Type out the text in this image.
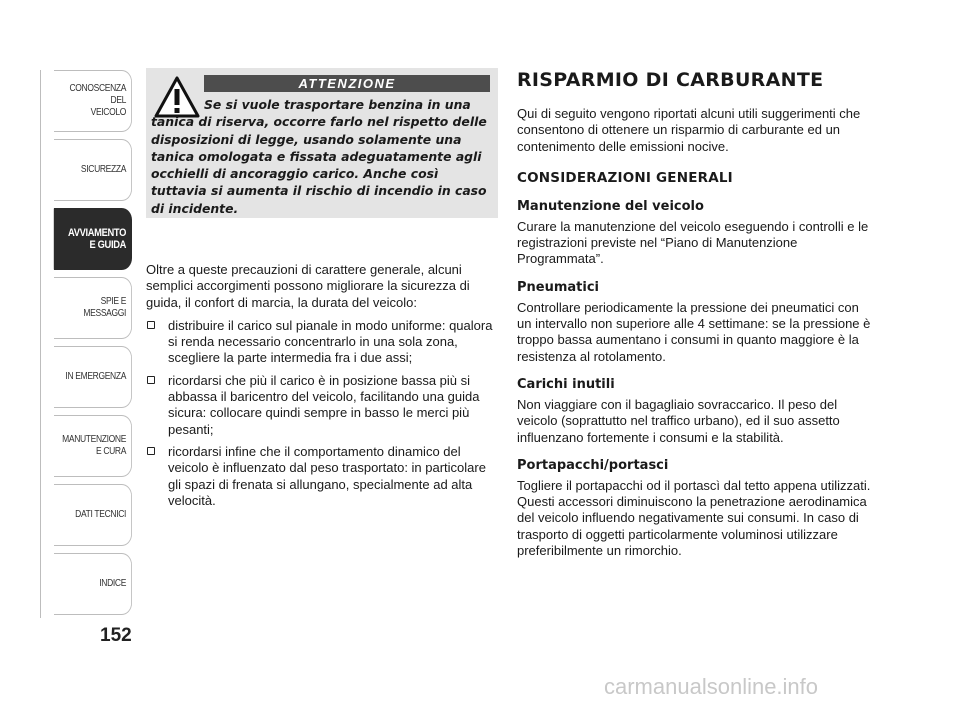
CONOSCENZA
DEL
VEICOLO
SICUREZZA
AVVIAMENTO
E GUIDA
SPIE E
MESSAGGI
IN EMERGENZA
MANUTENZIONE
E CURA
DATI TECNICI
INDICE
152
ATTENZIONE
Se si vuole trasportare benzina in una tanica di riserva, occorre farlo nel rispetto delle disposizioni di legge, usando solamente una tanica omologata e fissata adeguatamente agli occhielli di ancoraggio carico. Anche così tuttavia si aumenta il rischio di incendio in caso di incidente.

Oltre a queste precauzioni di carattere generale, alcuni semplici accorgimenti possono migliorare la sicurezza di guida, il confort di marcia, la durata del veicolo:

distribuire il carico sul pianale in modo uniforme: qualora si renda necessario concentrarlo in una sola zona, scegliere la parte intermedia fra i due assi;
ricordarsi che più il carico è in posizione bassa più si abbassa il baricentro del veicolo, facilitando una guida sicura: collocare quindi sempre in basso le merci più pesanti;
ricordarsi infine che il comportamento dinamico del veicolo è influenzato dal peso trasportato: in particolare gli spazi di frenata si allungano, specialmente ad alta velocità.
RISPARMIO DI CARBURANTE

Qui di seguito vengono riportati alcuni utili suggerimenti che consentono di ottenere un risparmio di carburante ed un contenimento delle emissioni nocive.

CONSIDERAZIONI GENERALI
Manutenzione del veicolo

Curare la manutenzione del veicolo eseguendo i controlli e le registrazioni previste nel “Piano di Manutenzione Programmata”.

Pneumatici

Controllare periodicamente la pressione dei pneumatici con un intervallo non superiore alle 4 settimane: se la pressione è troppo bassa aumentano i consumi in quanto maggiore è la resistenza al rotolamento.

Carichi inutili

Non viaggiare con il bagagliaio sovraccarico. Il peso del veicolo (soprattutto nel traffico urbano), ed il suo assetto influenzano fortemente i consumi e la stabilità.

Portapacchi/portasci

Togliere il portapacchi od il portascì dal tetto appena utilizzati. Questi accessori diminuiscono la penetrazione aerodinamica del veicolo influendo negativamente sui consumi. In caso di trasporto di oggetti particolarmente voluminosi utilizzare preferibilmente un rimorchio.

carmanualsonline.info
